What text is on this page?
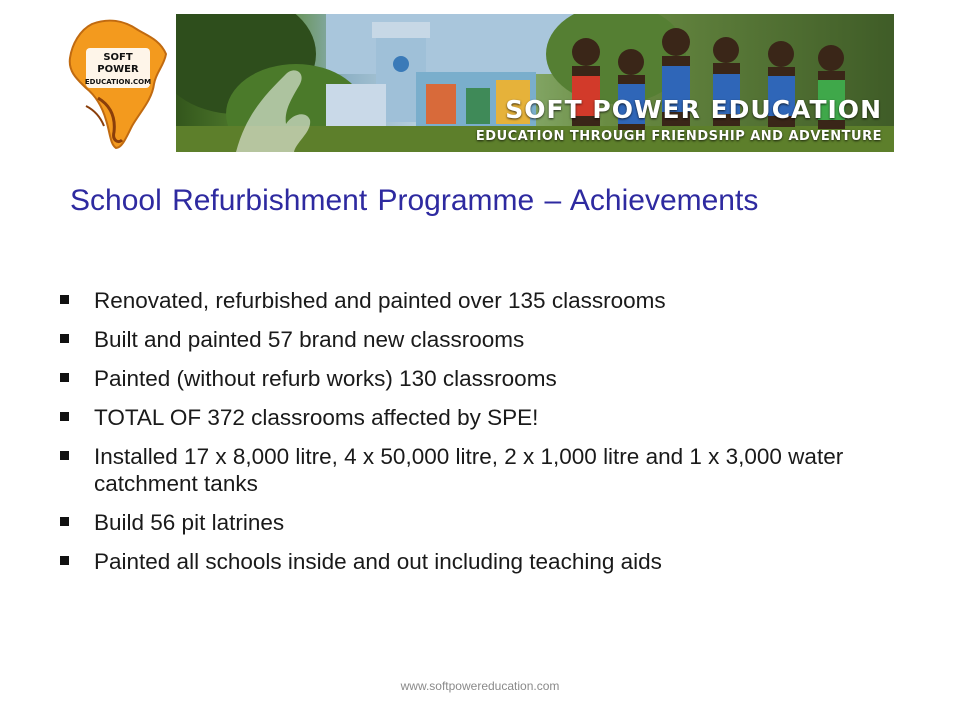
SOFT
POWER
EDUCATION.COM
SOFT POWER EDUCATION
EDUCATION THROUGH FRIENDSHIP AND ADVENTURE
School Refurbishment Programme – Achievements
Renovated, refurbished and painted over 135 classrooms
Built and painted 57 brand new classrooms
Painted (without refurb works) 130 classrooms
TOTAL OF 372 classrooms affected by SPE!
Installed 17 x 8,000 litre, 4 x 50,000 litre, 2 x 1,000 litre and 1 x 3,000 water catchment tanks
Build 56 pit latrines
Painted all schools inside and out including teaching aids
www.softpowereducation.com
